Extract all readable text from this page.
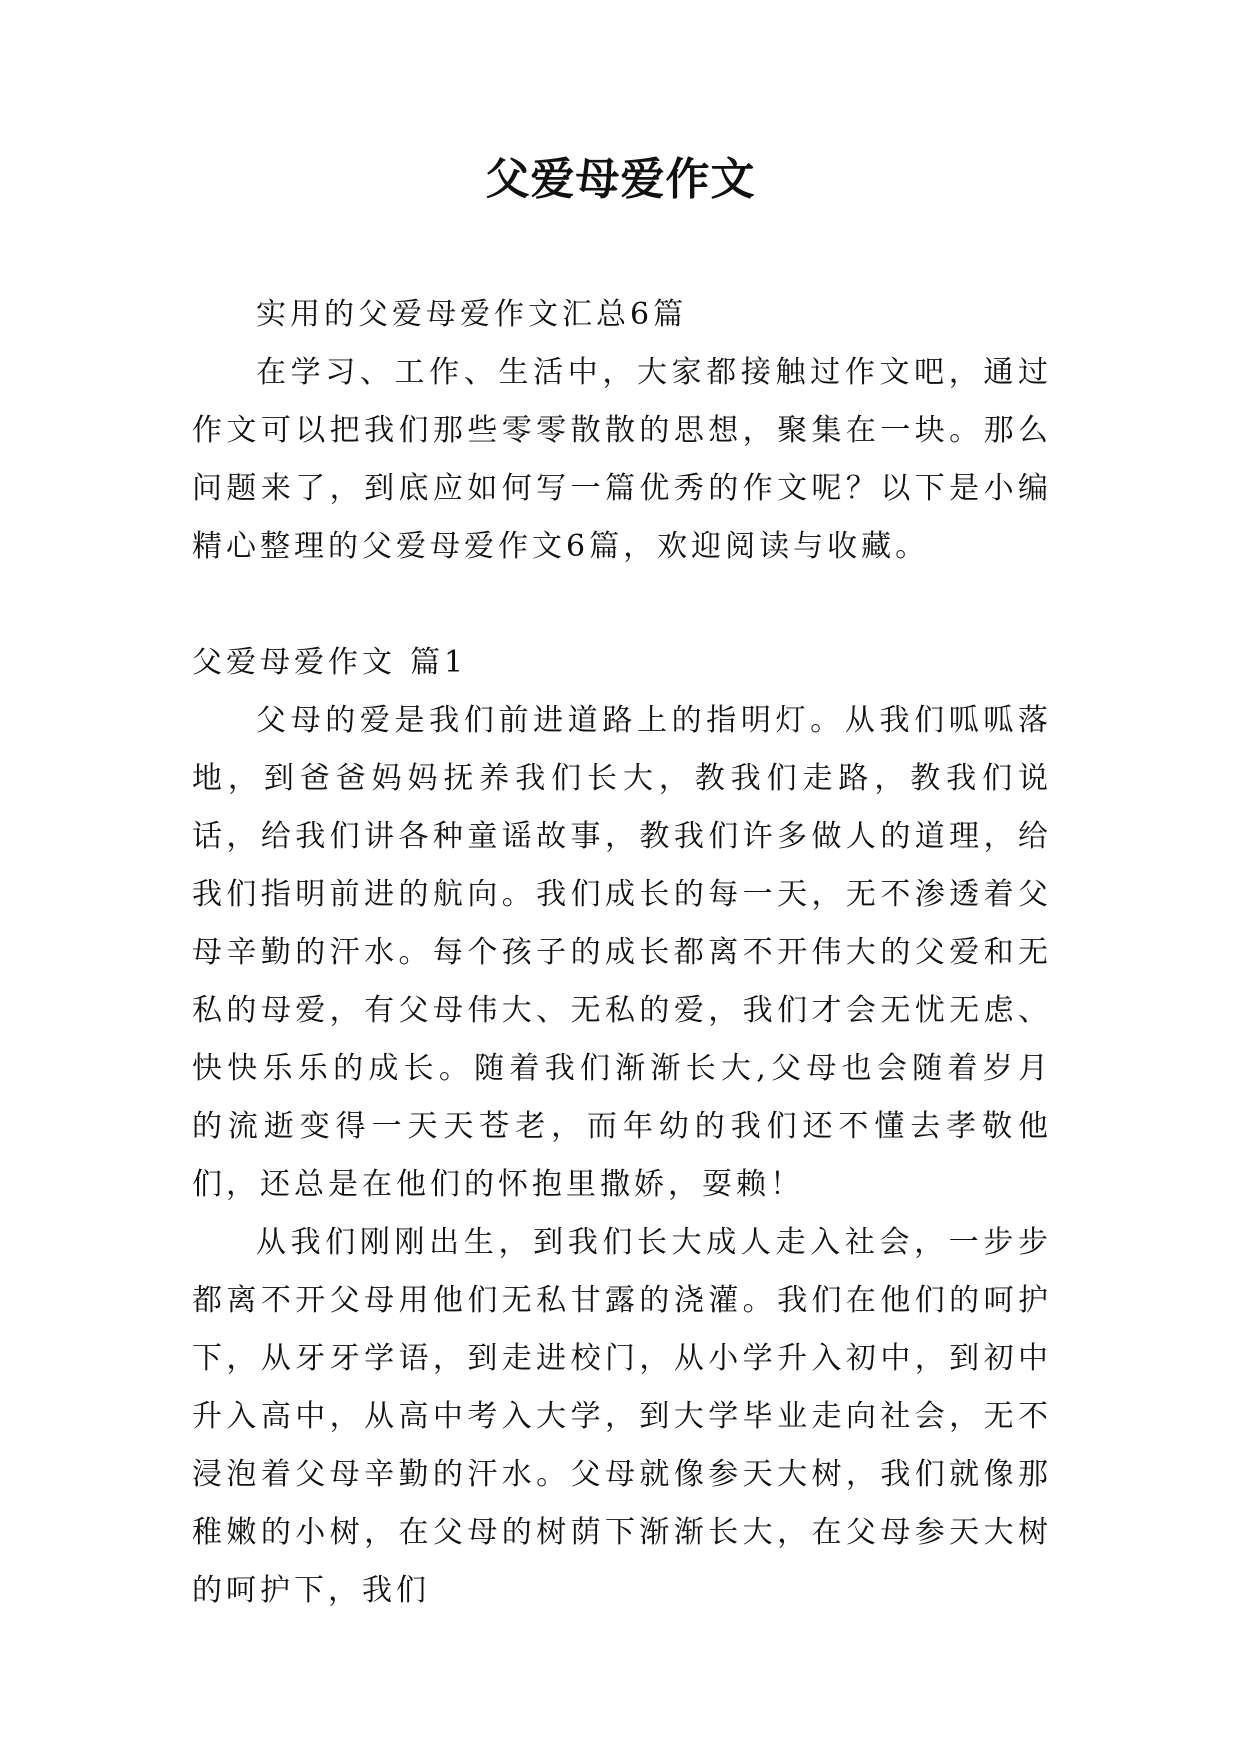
父爱母爱作文

实用的父爱母爱作文汇总6篇

在学习、工作、生活中，大家都接触过作文吧，通过作文可以把我们那些零零散散的思想，聚集在一块。那么问题来了，到底应如何写一篇优秀的作文呢？以下是小编精心整理的父爱母爱作文6篇，欢迎阅读与收藏。

父爱母爱作文 篇1

父母的爱是我们前进道路上的指明灯。从我们呱呱落地，到爸爸妈妈抚养我们长大，教我们走路，教我们说话，给我们讲各种童谣故事，教我们许多做人的道理，给我们指明前进的航向。我们成长的每一天，无不渗透着父母辛勤的汗水。每个孩子的成长都离不开伟大的父爱和无私的母爱，有父母伟大、无私的爱，我们才会无忧无虑、快快乐乐的成长。随着我们渐渐长大,父母也会随着岁月的流逝变得一天天苍老，而年幼的我们还不懂去孝敬他们，还总是在他们的怀抱里撒娇，耍赖！

从我们刚刚出生，到我们长大成人走入社会，一步步都离不开父母用他们无私甘露的浇灌。我们在他们的呵护下，从牙牙学语，到走进校门，从小学升入初中，到初中升入高中，从高中考入大学，到大学毕业走向社会，无不浸泡着父母辛勤的汗水。父母就像参天大树，我们就像那稚嫩的小树，在父母的树荫下渐渐长大，在父母参天大树的呵护下，我们
